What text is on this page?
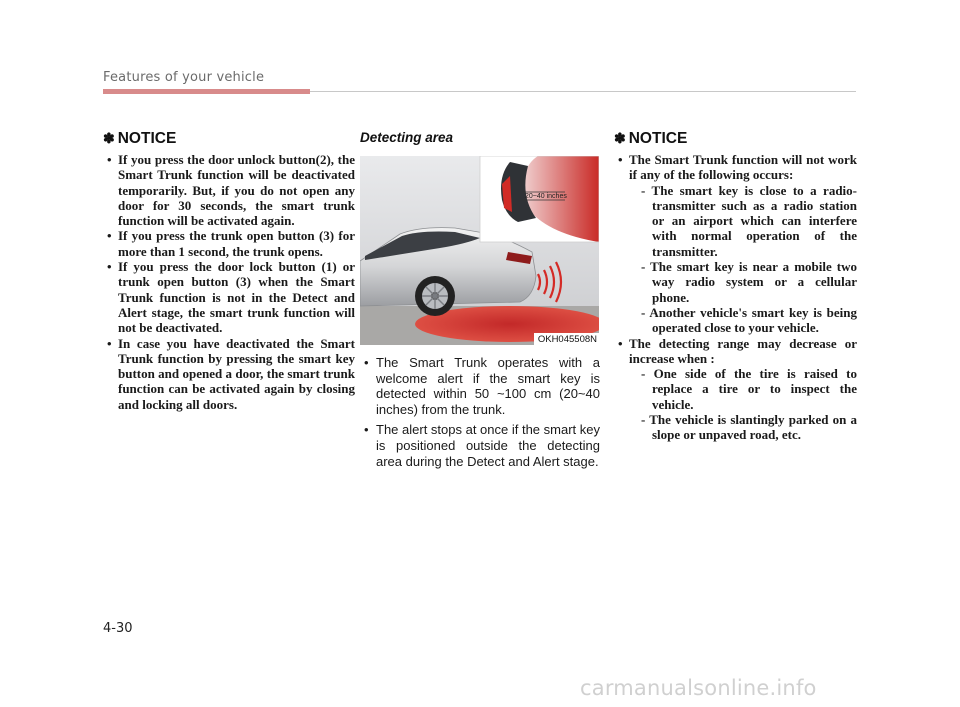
Features of your vehicle
✽ NOTICE
• If you press the door unlock button(2), the Smart Trunk function will be deactivated temporarily. But, if you do not open any door for 30 seconds, the smart trunk function will be activated again.
• If you press the trunk open button (3) for more than 1 second, the trunk opens.
• If you press the door lock button (1) or trunk open button (3) when the Smart Trunk function is not in the Detect and Alert stage, the smart trunk function will not be deactivated.
• In case you have deactivated the Smart Trunk function by pressing the smart key button and opened a door, the smart trunk function can be activated again by closing and locking all doors.
Detecting area
20~40 inches
OKH045508N
• The Smart Trunk operates with a welcome alert if the smart key is detected within 50 ~100 cm (20~40 inches) from the trunk.
• The alert stops at once if the smart key is positioned outside the detecting area during the Detect and Alert stage.
✽ NOTICE
• The Smart Trunk function will not work if any of the following occurs:
- The smart key is close to a radio-transmitter such as a radio station or an airport which can interfere with normal operation of the transmitter.
- The smart key is near a mobile two way radio system or a cellular phone.
- Another vehicle's smart key is being operated close to your vehicle.
• The detecting range may decrease or increase when :
- One side of the tire is raised to replace a tire or to inspect the vehicle.
- The vehicle is slantingly parked on a slope or unpaved road, etc.
4-30
carmanualsonline.info
